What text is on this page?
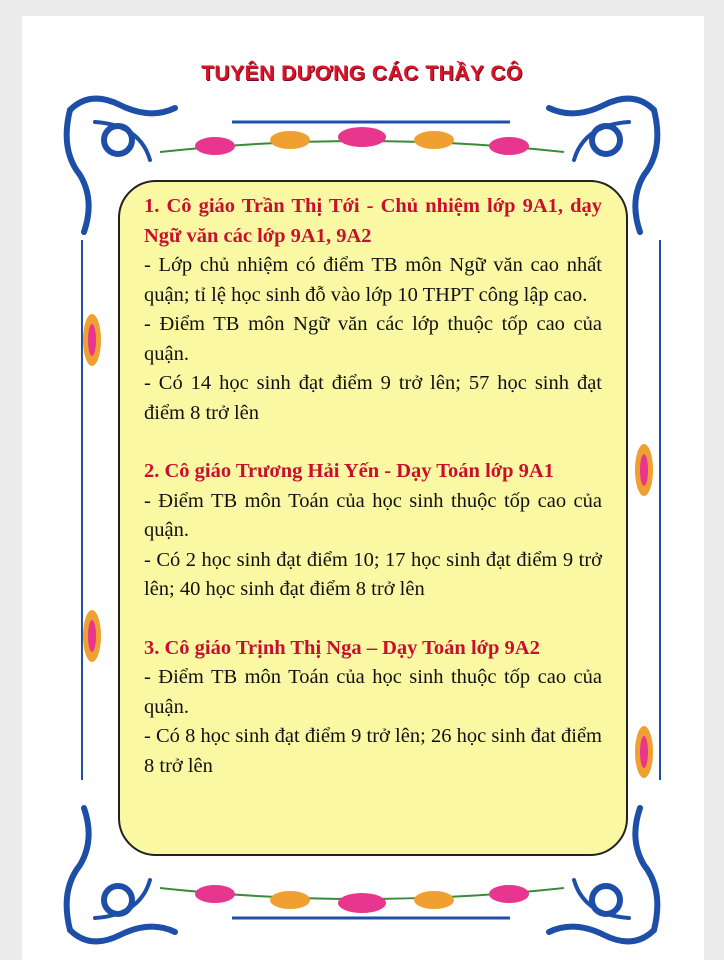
TUYÊN DƯƠNG CÁC THẦY CÔ
1. Cô giáo Trần Thị Tới - Chủ nhiệm lớp 9A1, dạy Ngữ văn các lớp 9A1, 9A2
- Lớp chủ nhiệm có điểm TB môn Ngữ văn cao nhất quận; tỉ lệ học sinh đỗ vào lớp 10 THPT công lập cao.
- Điểm TB môn Ngữ văn các lớp thuộc tốp cao của quận.
- Có 14 học sinh đạt điểm 9 trở lên; 57 học sinh đạt điểm 8 trở lên
2. Cô giáo Trương Hải Yến - Dạy Toán lớp 9A1
- Điểm TB môn Toán của học sinh thuộc tốp cao của quận.
- Có 2 học sinh đạt điểm 10; 17 học sinh đạt điểm 9 trở lên; 40 học sinh đạt điểm 8 trở lên
3. Cô giáo Trịnh Thị Nga – Dạy Toán lớp 9A2
- Điểm TB môn Toán của học sinh thuộc tốp cao của quận.
- Có 8 học sinh đạt điểm 9 trở lên; 26 học sinh đat điểm 8 trở lên
